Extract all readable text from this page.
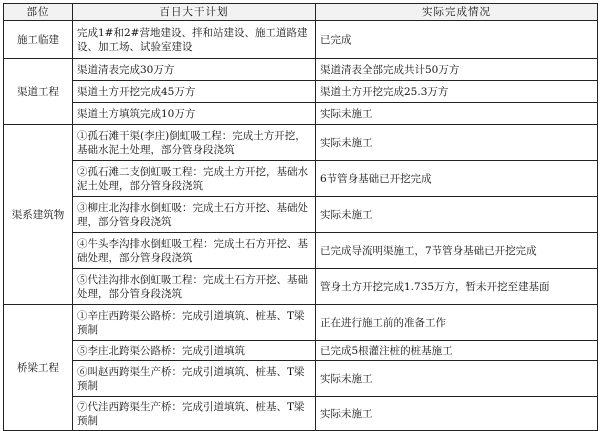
部位	百日大干计划	实际完成情况
施工临建	完成1#和2#营地建设、拌和站建设、施工道路建设、加工场、试验室建设	已完成
渠道工程	渠道清表完成30万方	渠道清表全部完成共计50万方
	渠道土方开挖完成45万方	渠道土方开挖完成25.3万方
	渠道土方填筑完成10万方	实际未施工
渠系建筑物	①孤石滩干渠(李庄)倒虹吸工程：完成土方开挖，基础水泥土处理，部分管身段浇筑	实际未施工
	②孤石滩二支倒虹吸工程：完成土方开挖，基础水泥土处理，部分管身段浇筑	6节管身基础已开挖完成
	③柳庄北沟排水倒虹吸：完成土石方开挖、基础处理，部分管身段浇筑	实际未施工
	④牛头李沟排水倒虹吸工程：完成土石方开挖、基础处理，部分管身段浇筑	已完成导流明渠施工，7节管身基础已开挖完成
	⑤代洼沟排水倒虹吸工程：完成土石方开挖、基础处理，部分管身段浇筑	管身土方开挖完成1.735万方，暂未开挖至建基面
桥梁工程	①辛庄西跨渠公路桥：完成引道填筑、桩基、T梁预制	正在进行施工前的准备工作
	⑤李庄北跨渠公路桥：完成引道填筑	已完成5根灌注桩的桩基施工
	⑥叫赵西跨渠生产桥：完成引道填筑、桩基、T梁预制	实际未施工
	⑦代洼西跨渠生产桥：完成引道填筑、桩基、T梁预制	实际未施工
